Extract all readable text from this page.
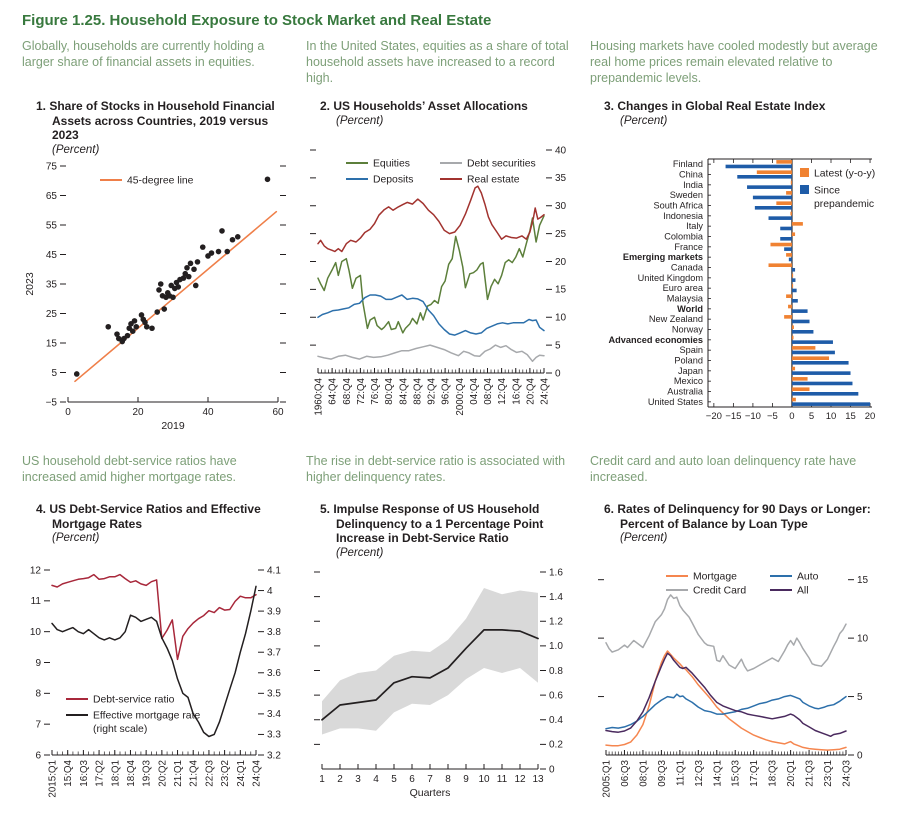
Figure 1.25. Household Exposure to Stock Market and Real Estate

Globally, households are currently holding a larger share of financial assets in equities.

1. Share of Stocks in Household Financial Assets across Countries, 2019 versus 2023

(Percent)

0	20	40	60
2019
−5
5
15
25
35
45
55
65
75
2023
45-degree line

In the United States, equities as a share of total household assets have increased to a record high.

2. US Households’ Asset Allocations

(Percent)

1960:Q4 64:Q4 68:Q4 72:Q4 76:Q4 80:Q4 84:Q4 88:Q4 92:Q4 96:Q4 2000:Q4 04:Q4 08:Q4 12:Q4 16:Q4 20:Q4 24:Q4
0
5
10
15
20
25
30
35
40
Equities
Deposits
Debt securities
Real estate

Housing markets have cooled modestly but average real home prices remain elevated relative to prepandemic levels.

3. Changes in Global Real Estate Index

(Percent)

−20 −15 −10 −5 0 5 10 15 20
Finland
China
India
Sweden
South Africa
Indonesia
Italy
Colombia
France
Emerging markets
Canada
United Kingdom
Euro area
Malaysia
World
New Zealand
Norway
Advanced economies
Spain
Poland
Japan
Mexico
Australia
United States
Latest (y-o-y)
Since
prepandemic

US household debt-service ratios have increased amid higher mortgage rates.

4. US Debt-Service Ratios and Effective Mortgage Rates

(Percent)

2015:Q1 15:Q4 16:Q3 17:Q2 18:Q1 18:Q4 19:Q3 20:Q2 21:Q1 21:Q4 22:Q3 23:Q2 24:Q1 24:Q4
6
7
8
9
10
11
12
3.2
3.3
3.4
3.5
3.6
3.7
3.8
3.9
4
4.1
Debt-service ratio
Effective mortgage rate
(right scale)

The rise in debt-service ratio is associated with higher delinquency rates.

5. Impulse Response of US Household Delinquency to a 1 Percentage Point Increase in Debt-Service Ratio

(Percent)

1 2 3 4 5 6 7 8 9 10 11 12 13
Quarters
0
0.2
0.4
0.6
0.8
1.0
1.2
1.4
1.6

Credit card and auto loan delinquency rate have increased.

6. Rates of Delinquency for 90 Days or Longer: Percent of Balance by Loan Type

(Percent)

2005:Q1 06:Q3 08:Q1 09:Q3 11:Q1 12:Q3 14:Q1 15:Q3 17:Q1 18:Q3 20:Q1 21:Q3 23:Q1 24:Q3
0
5
10
15
Mortgage
Credit Card
Auto
All
